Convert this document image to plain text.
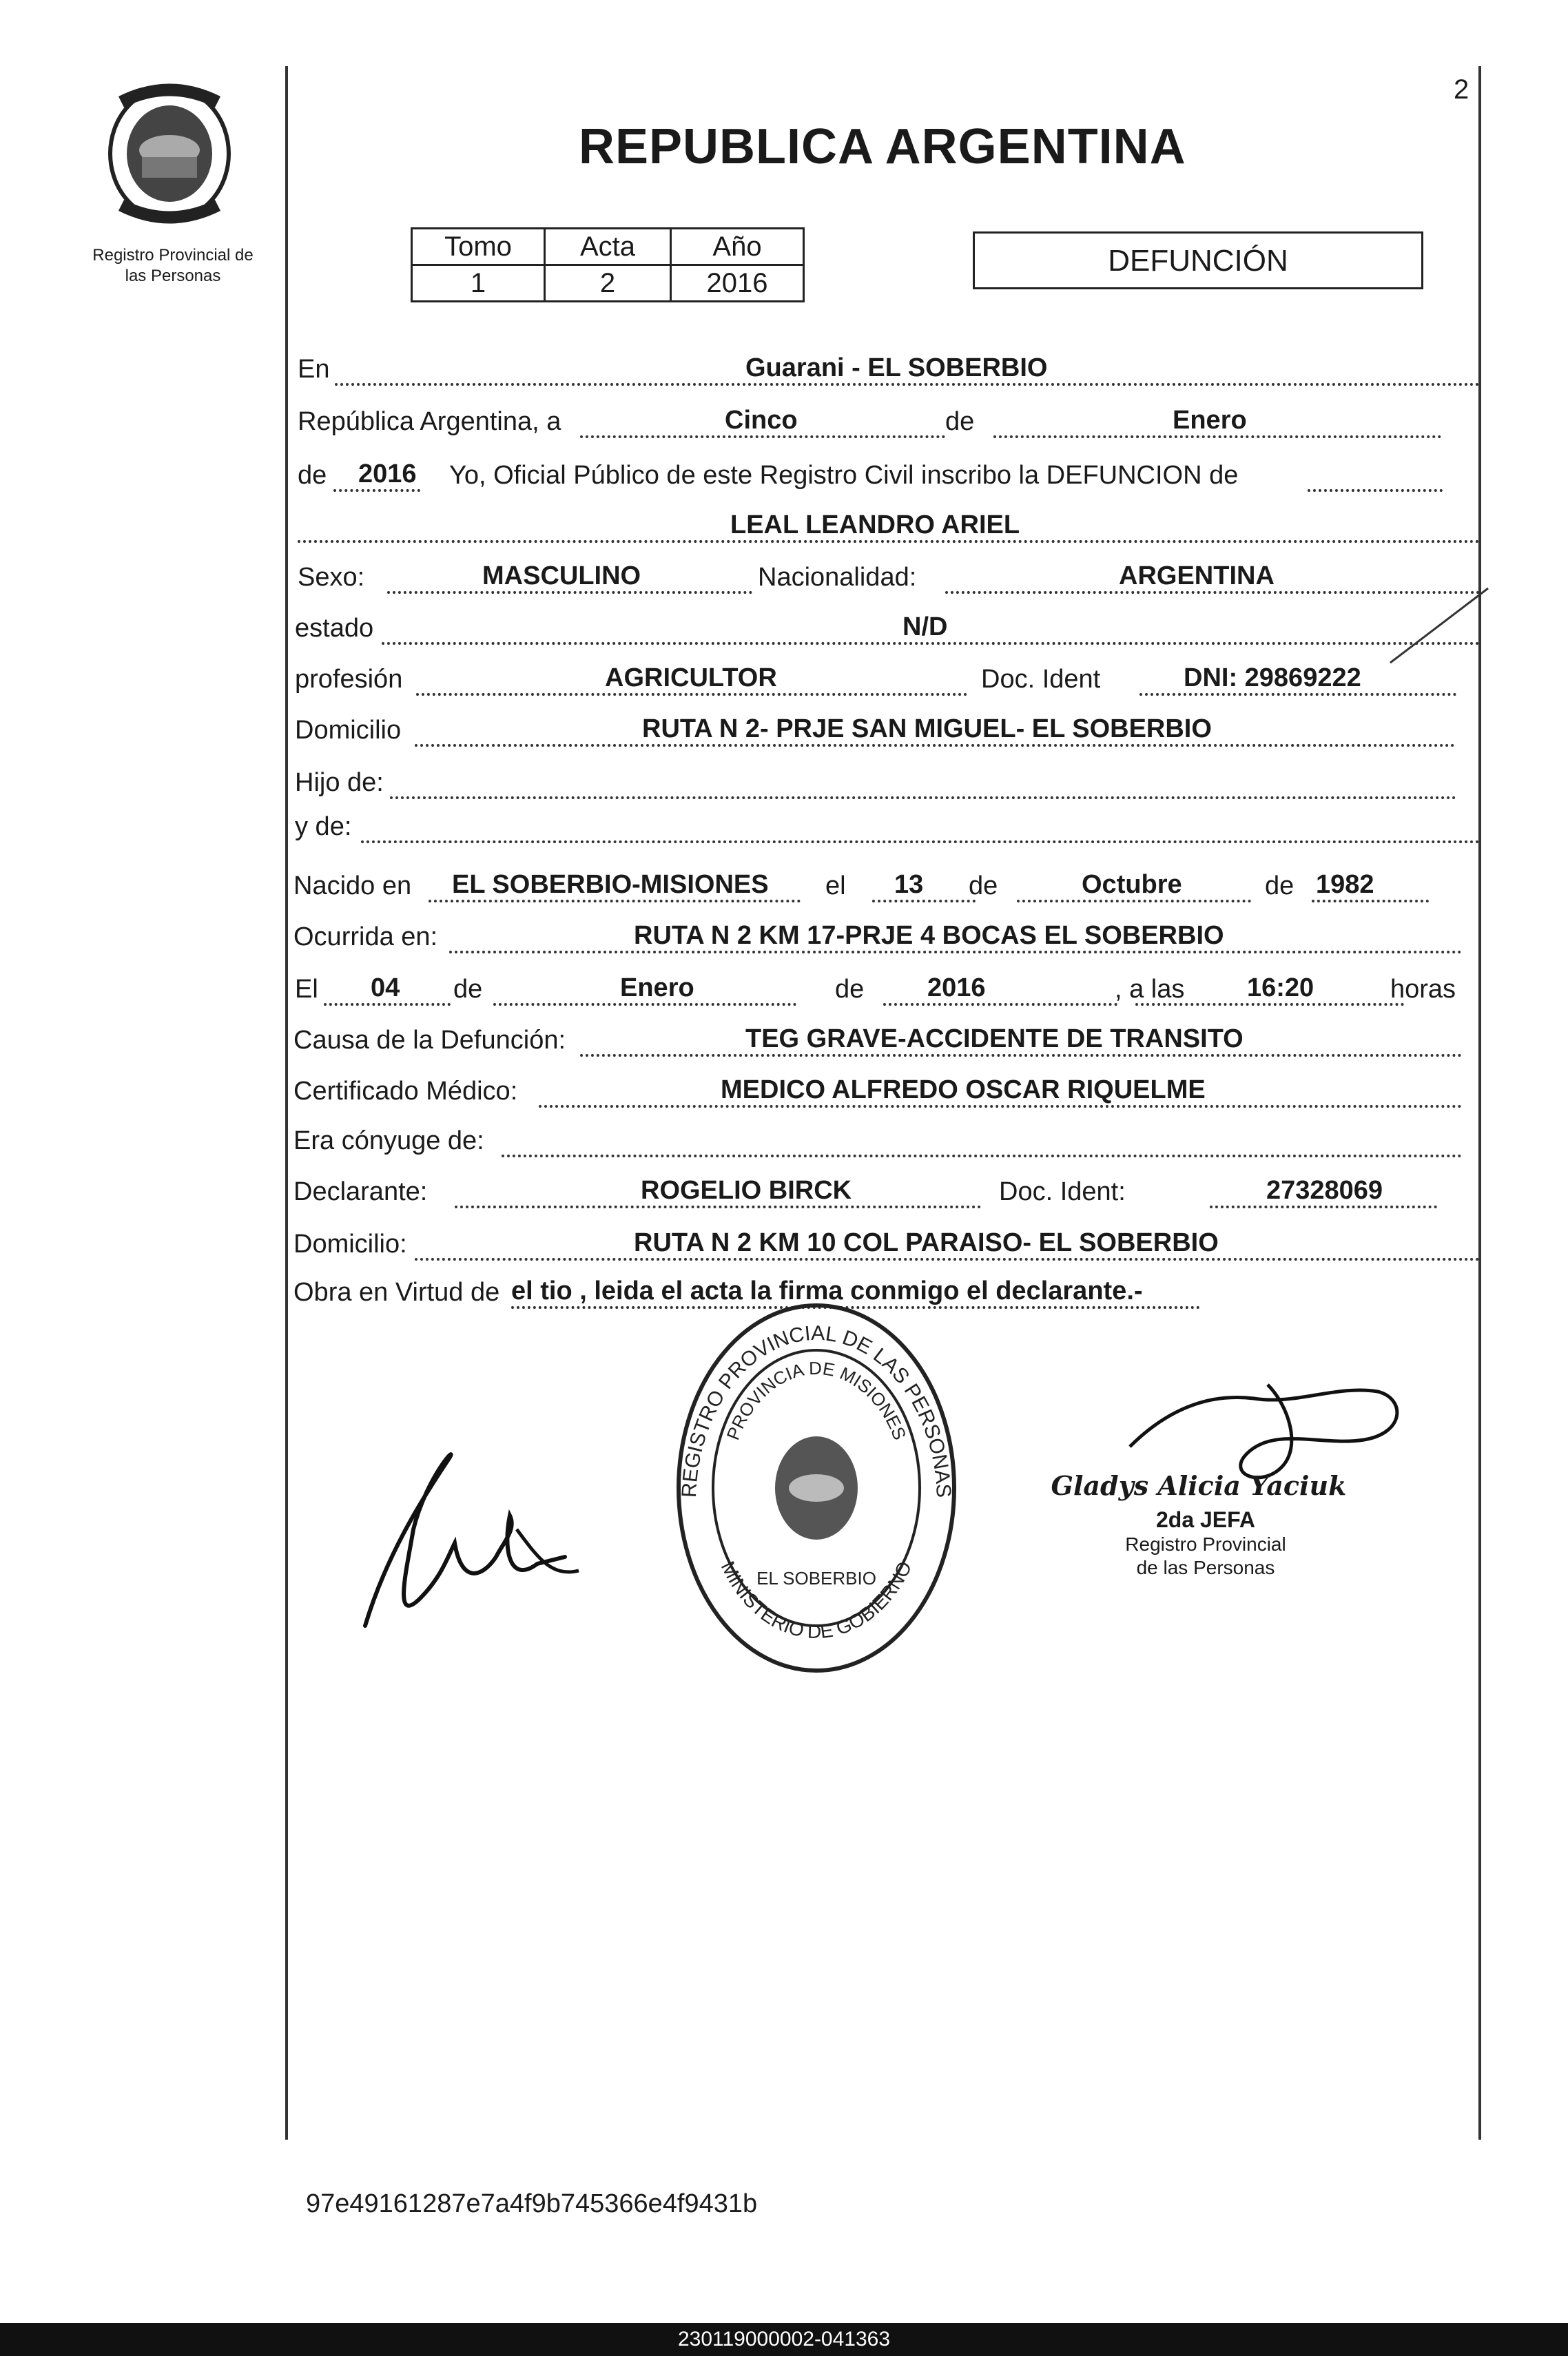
2
Registro Provincial de
las Personas
REPUBLICA ARGENTINA
Tomo	Acta	Año
1	2	2016
DEFUNCIÓN
En	Guarani - EL SOBERBIO
República Argentina, a	Cinco	de	Enero
de 2016 Yo, Oficial Público de este Registro Civil inscribo la DEFUNCION de
LEAL LEANDRO ARIEL
Sexo:	MASCULINO	Nacionalidad:	ARGENTINA
estado	N/D
profesión	AGRICULTOR	Doc. Ident	DNI: 29869222
Domicilio	RUTA N 2- PRJE SAN MIGUEL- EL SOBERBIO
Hijo de:
y de:
Nacido en EL SOBERBIO-MISIONES el 13 de	Octubre	de 1982
Ocurrida en:	RUTA N 2 KM 17-PRJE 4 BOCAS EL SOBERBIO
El 04 de	Enero	de 2016	, a las 16:20	horas
Causa de la Defunción:	TEG GRAVE-ACCIDENTE DE TRANSITO
Certificado Médico:	MEDICO ALFREDO OSCAR RIQUELME
Era cónyuge de:
Declarante:	ROGELIO BIRCK	Doc. Ident:	27328069
Domicilio:	RUTA N 2 KM 10 COL PARAISO- EL SOBERBIO
Obra en Virtud de el tio , leida el acta la firma conmigo el declarante.-
REGISTRO PROVINCIAL DE LAS PERSONAS
PROVINCIA DE MISIONES
MINISTERIO DE GOBIERNO
EL SOBERBIO
Gladys Alicia Yaciuk
2da JEFA
Registro Provincial
de las Personas
97e49161287e7a4f9b745366e4f9431b
230119000002-041363
